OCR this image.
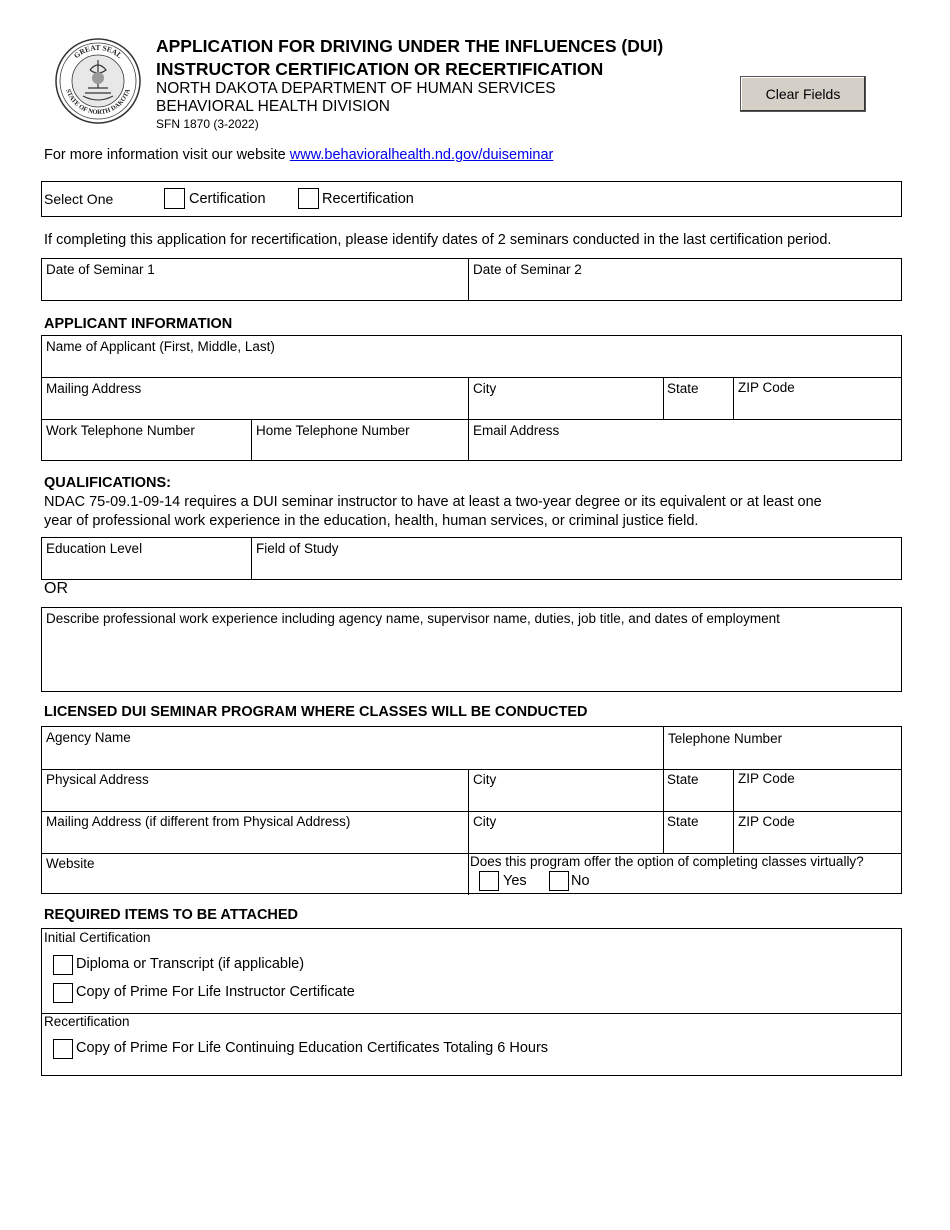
GREAT SEAL
STATE OF NORTH DAKOTA
APPLICATION FOR DRIVING UNDER THE INFLUENCES (DUI)
INSTRUCTOR CERTIFICATION OR RECERTIFICATION
NORTH DAKOTA DEPARTMENT OF HUMAN SERVICES
BEHAVIORAL HEALTH DIVISION
SFN 1870 (3-2022)
Clear Fields
For more information visit our website www.behavioralhealth.nd.gov/duiseminar
Select One	Certification	Recertification
If completing this application for recertification, please identify dates of 2 seminars conducted in the last certification period.
Date of Seminar 1	Date of Seminar 2
APPLICANT INFORMATION
Name of Applicant (First, Middle, Last)
Mailing Address	City	State	ZIP Code
Work Telephone Number	Home Telephone Number	Email Address
QUALIFICATIONS:
NDAC 75-09.1-09-14 requires a DUI seminar instructor to have at least a two-year degree or its equivalent or at least one
year of professional work experience in the education, health, human services, or criminal justice field.
Education Level	Field of Study
OR
Describe professional work experience including agency name, supervisor name, duties, job title, and dates of employment
LICENSED DUI SEMINAR PROGRAM WHERE CLASSES WILL BE CONDUCTED
Agency Name	Telephone Number
Physical Address	City	State	ZIP Code
Mailing Address (if different from Physical Address)	City	State	ZIP Code
Website	Does this program offer the option of completing classes virtually?
Yes	No
REQUIRED ITEMS TO BE ATTACHED
Initial Certification
Diploma or Transcript (if applicable)
Copy of Prime For Life Instructor Certificate
Recertification
Copy of Prime For Life Continuing Education Certificates Totaling 6 Hours
